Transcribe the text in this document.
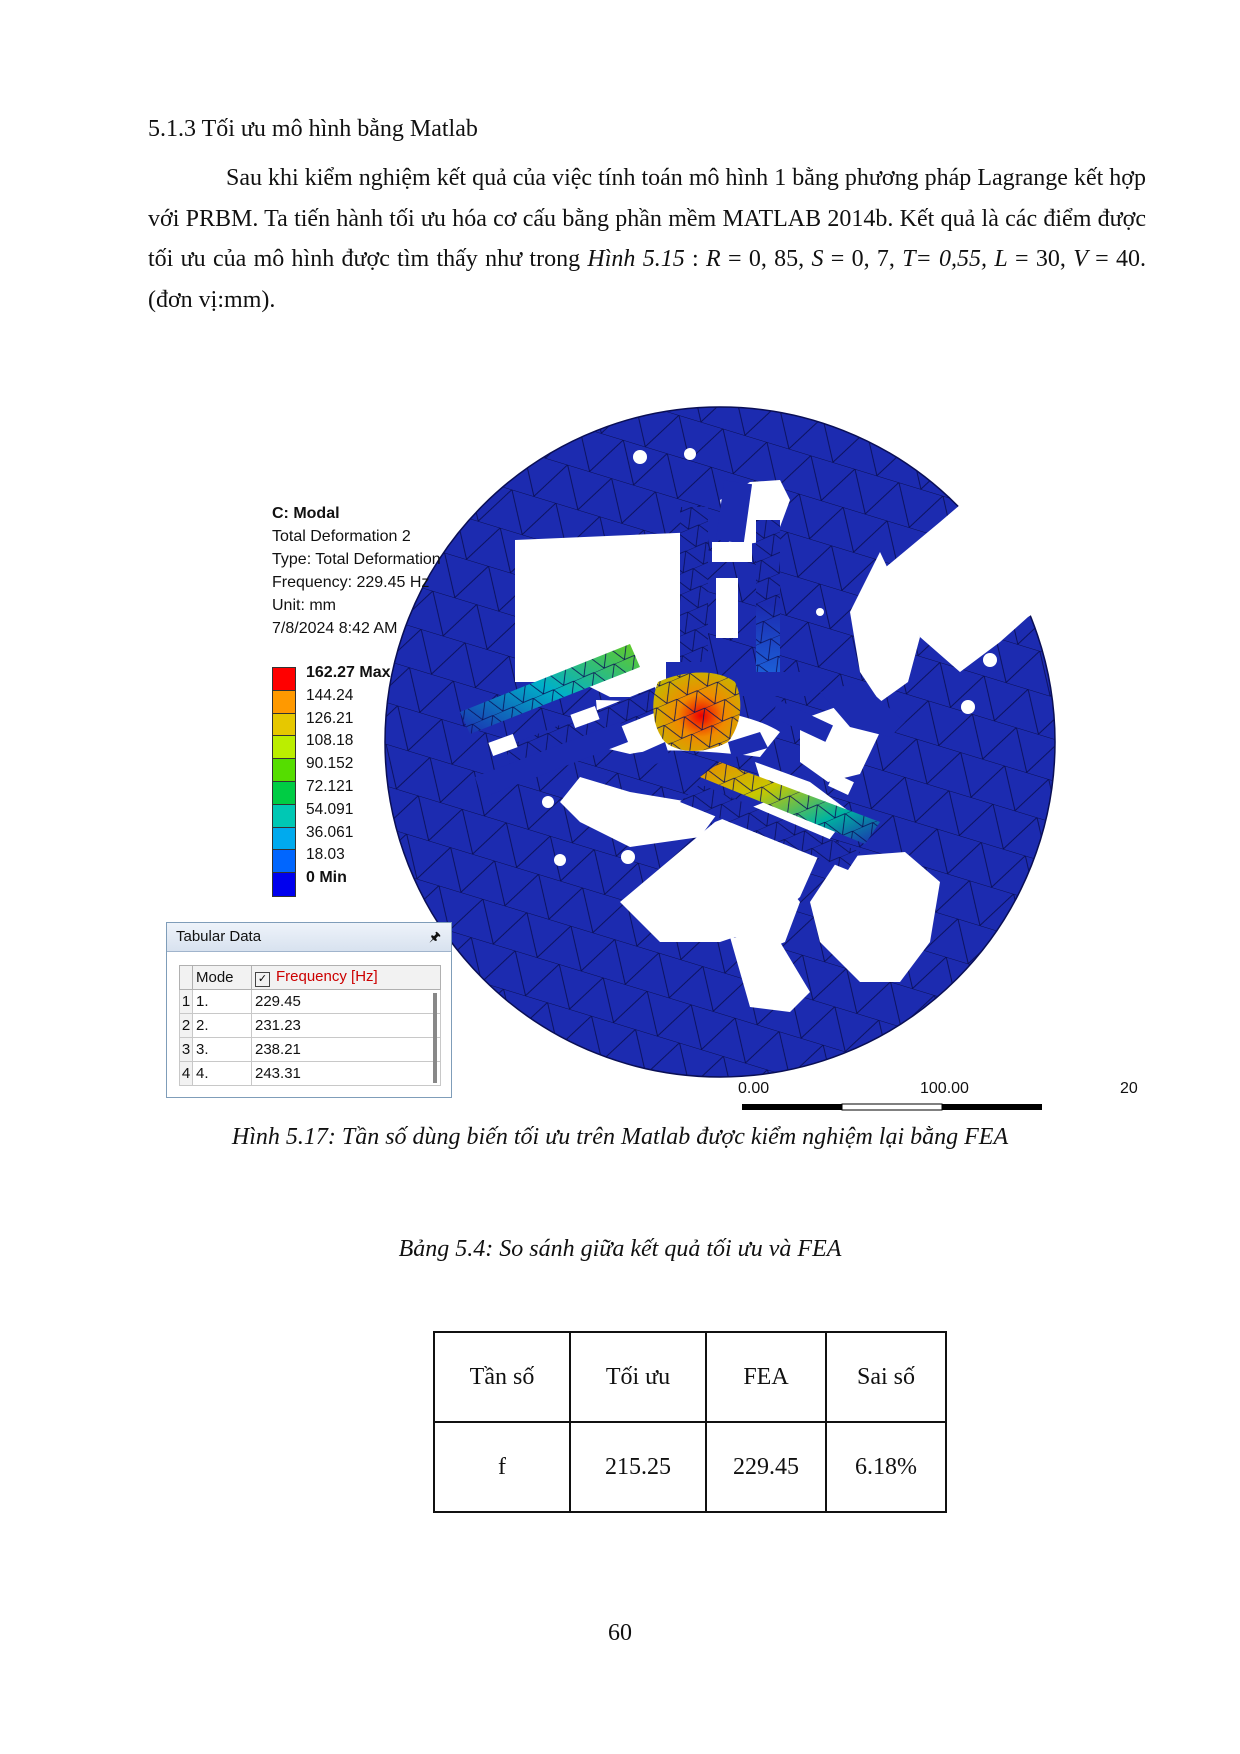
5.1.3 Tối ưu mô hình bằng Matlab
Sau khi kiểm nghiệm kết quả của việc tính toán mô hình 1 bằng phương pháp Lagrange kết hợp với PRBM. Ta tiến hành tối ưu hóa cơ cấu bằng phần mềm MATLAB 2014b. Kết quả là các điểm được tối ưu của mô hình được tìm thấy như trong Hình 5.15 : R = 0, 85, S = 0, 7, T= 0,55, L = 30, V = 40. (đơn vị:mm).
C: Modal
Total Deformation 2
Type: Total Deformation
Frequency: 229.45 Hz
Unit: mm
7/8/2024 8:42 AM
162.27 Max
144.24
126.21
108.18
90.152
72.121
54.091
36.061
18.03
0 Min
Tabular Data	🖈︎
	Mode	✓ Frequency [Hz]
1	1.	229.45
2	2.	231.23
3	3.	238.21
4	4.	243.31
0.00	100.00	20
Hình 5.17: Tần số dùng biến tối ưu trên Matlab được kiểm nghiệm lại bằng FEA
Bảng 5.4: So sánh giữa kết quả tối ưu và FEA
Tần số	Tối ưu	FEA	Sai số
f	215.25	229.45	6.18%
60
